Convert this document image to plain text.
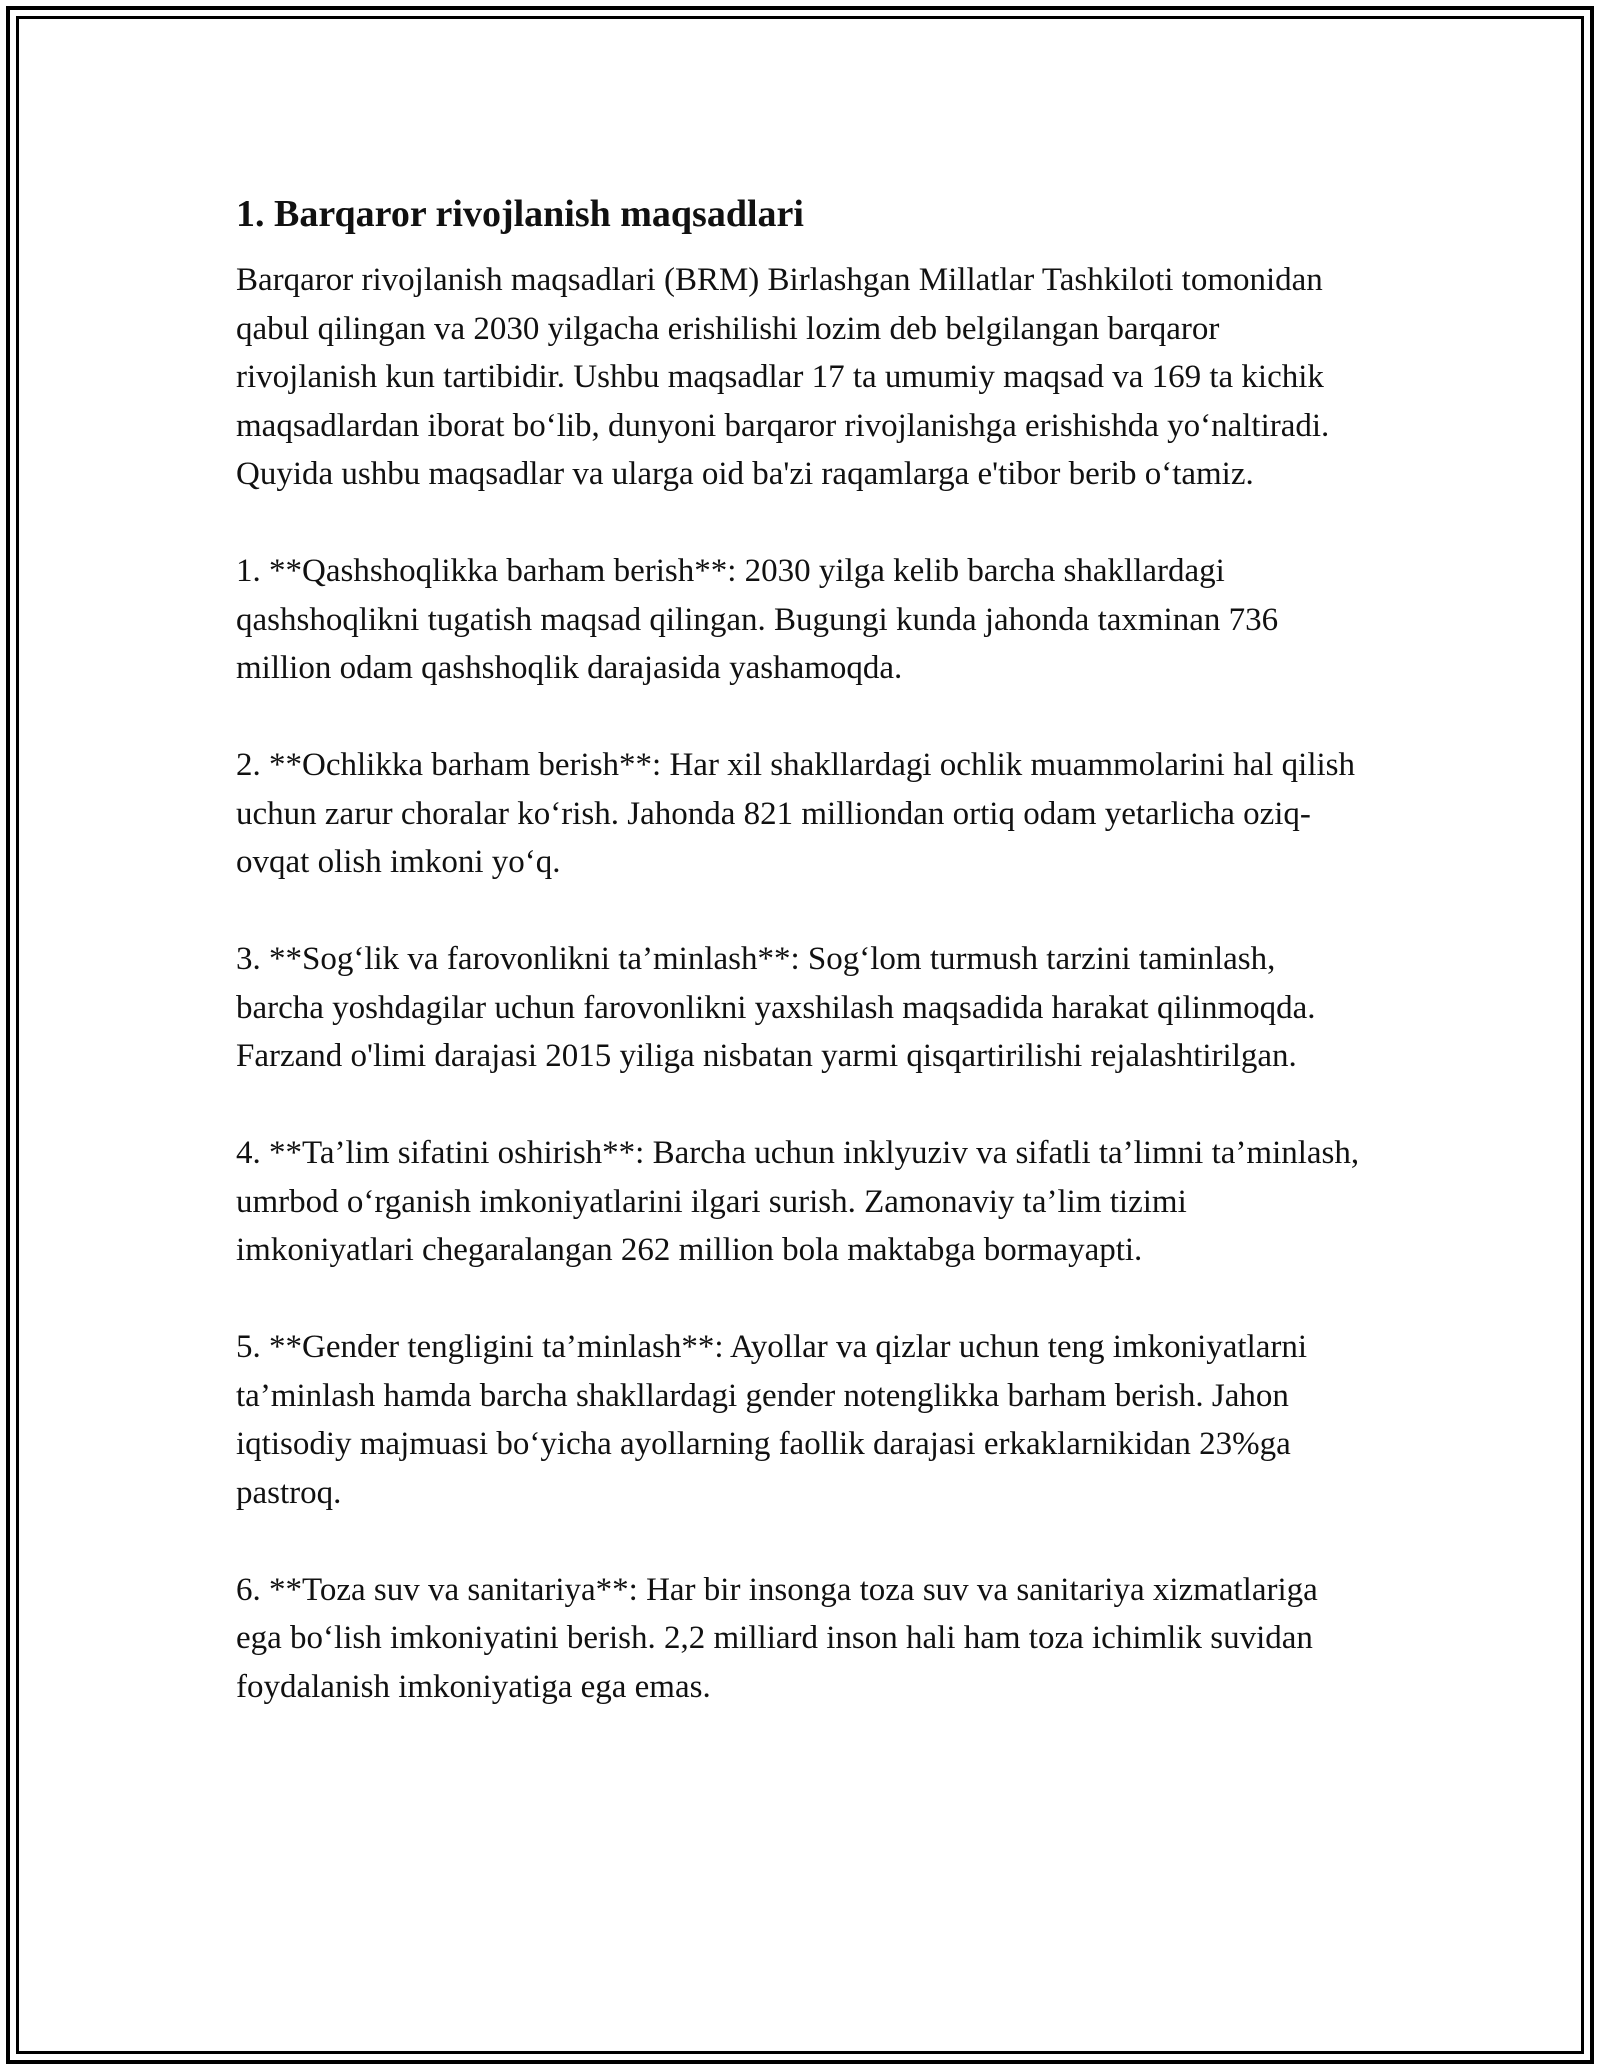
1. Barqaror rivojlanish maqsadlari

Barqaror rivojlanish maqsadlari (BRM) Birlashgan Millatlar Tashkiloti tomonidan qabul qilingan va 2030 yilgacha erishilishi lozim deb belgilangan barqaror rivojlanish kun tartibidir. Ushbu maqsadlar 17 ta umumiy maqsad va 169 ta kichik maqsadlardan iborat bo‘lib, dunyoni barqaror rivojlanishga erishishda yo‘naltiradi. Quyida ushbu maqsadlar va ularga oid ba'zi raqamlarga e'tibor berib o‘tamiz.

1. **Qashshoqlikka barham berish**: 2030 yilga kelib barcha shakllardagi qashshoqlikni tugatish maqsad qilingan. Bugungi kunda jahonda taxminan 736 million odam qashshoqlik darajasida yashamoqda.

2. **Ochlikka barham berish**: Har xil shakllardagi ochlik muammolarini hal qilish uchun zarur choralar ko‘rish. Jahonda 821 milliondan ortiq odam yetarlicha oziq-ovqat olish imkoni yo‘q.

3. **Sog‘lik va farovonlikni ta’minlash**: Sog‘lom turmush tarzini taminlash, barcha yoshdagilar uchun farovonlikni yaxshilash maqsadida harakat qilinmoqda. Farzand o'limi darajasi 2015 yiliga nisbatan yarmi qisqartirilishi rejalashtirilgan.

4. **Ta’lim sifatini oshirish**: Barcha uchun inklyuziv va sifatli ta’limni ta’minlash, umrbod o‘rganish imkoniyatlarini ilgari surish. Zamonaviy ta’lim tizimi imkoniyatlari chegaralangan 262 million bola maktabga bormayapti.

5. **Gender tengligini ta’minlash**: Ayollar va qizlar uchun teng imkoniyatlarni ta’minlash hamda barcha shakllardagi gender notenglikka barham berish. Jahon iqtisodiy majmuasi bo‘yicha ayollarning faollik darajasi erkaklarnikidan 23%ga pastroq.

6. **Toza suv va sanitariya**: Har bir insonga toza suv va sanitariya xizmatlariga ega bo‘lish imkoniyatini berish. 2,2 milliard inson hali ham toza ichimlik suvidan foydalanish imkoniyatiga ega emas.
